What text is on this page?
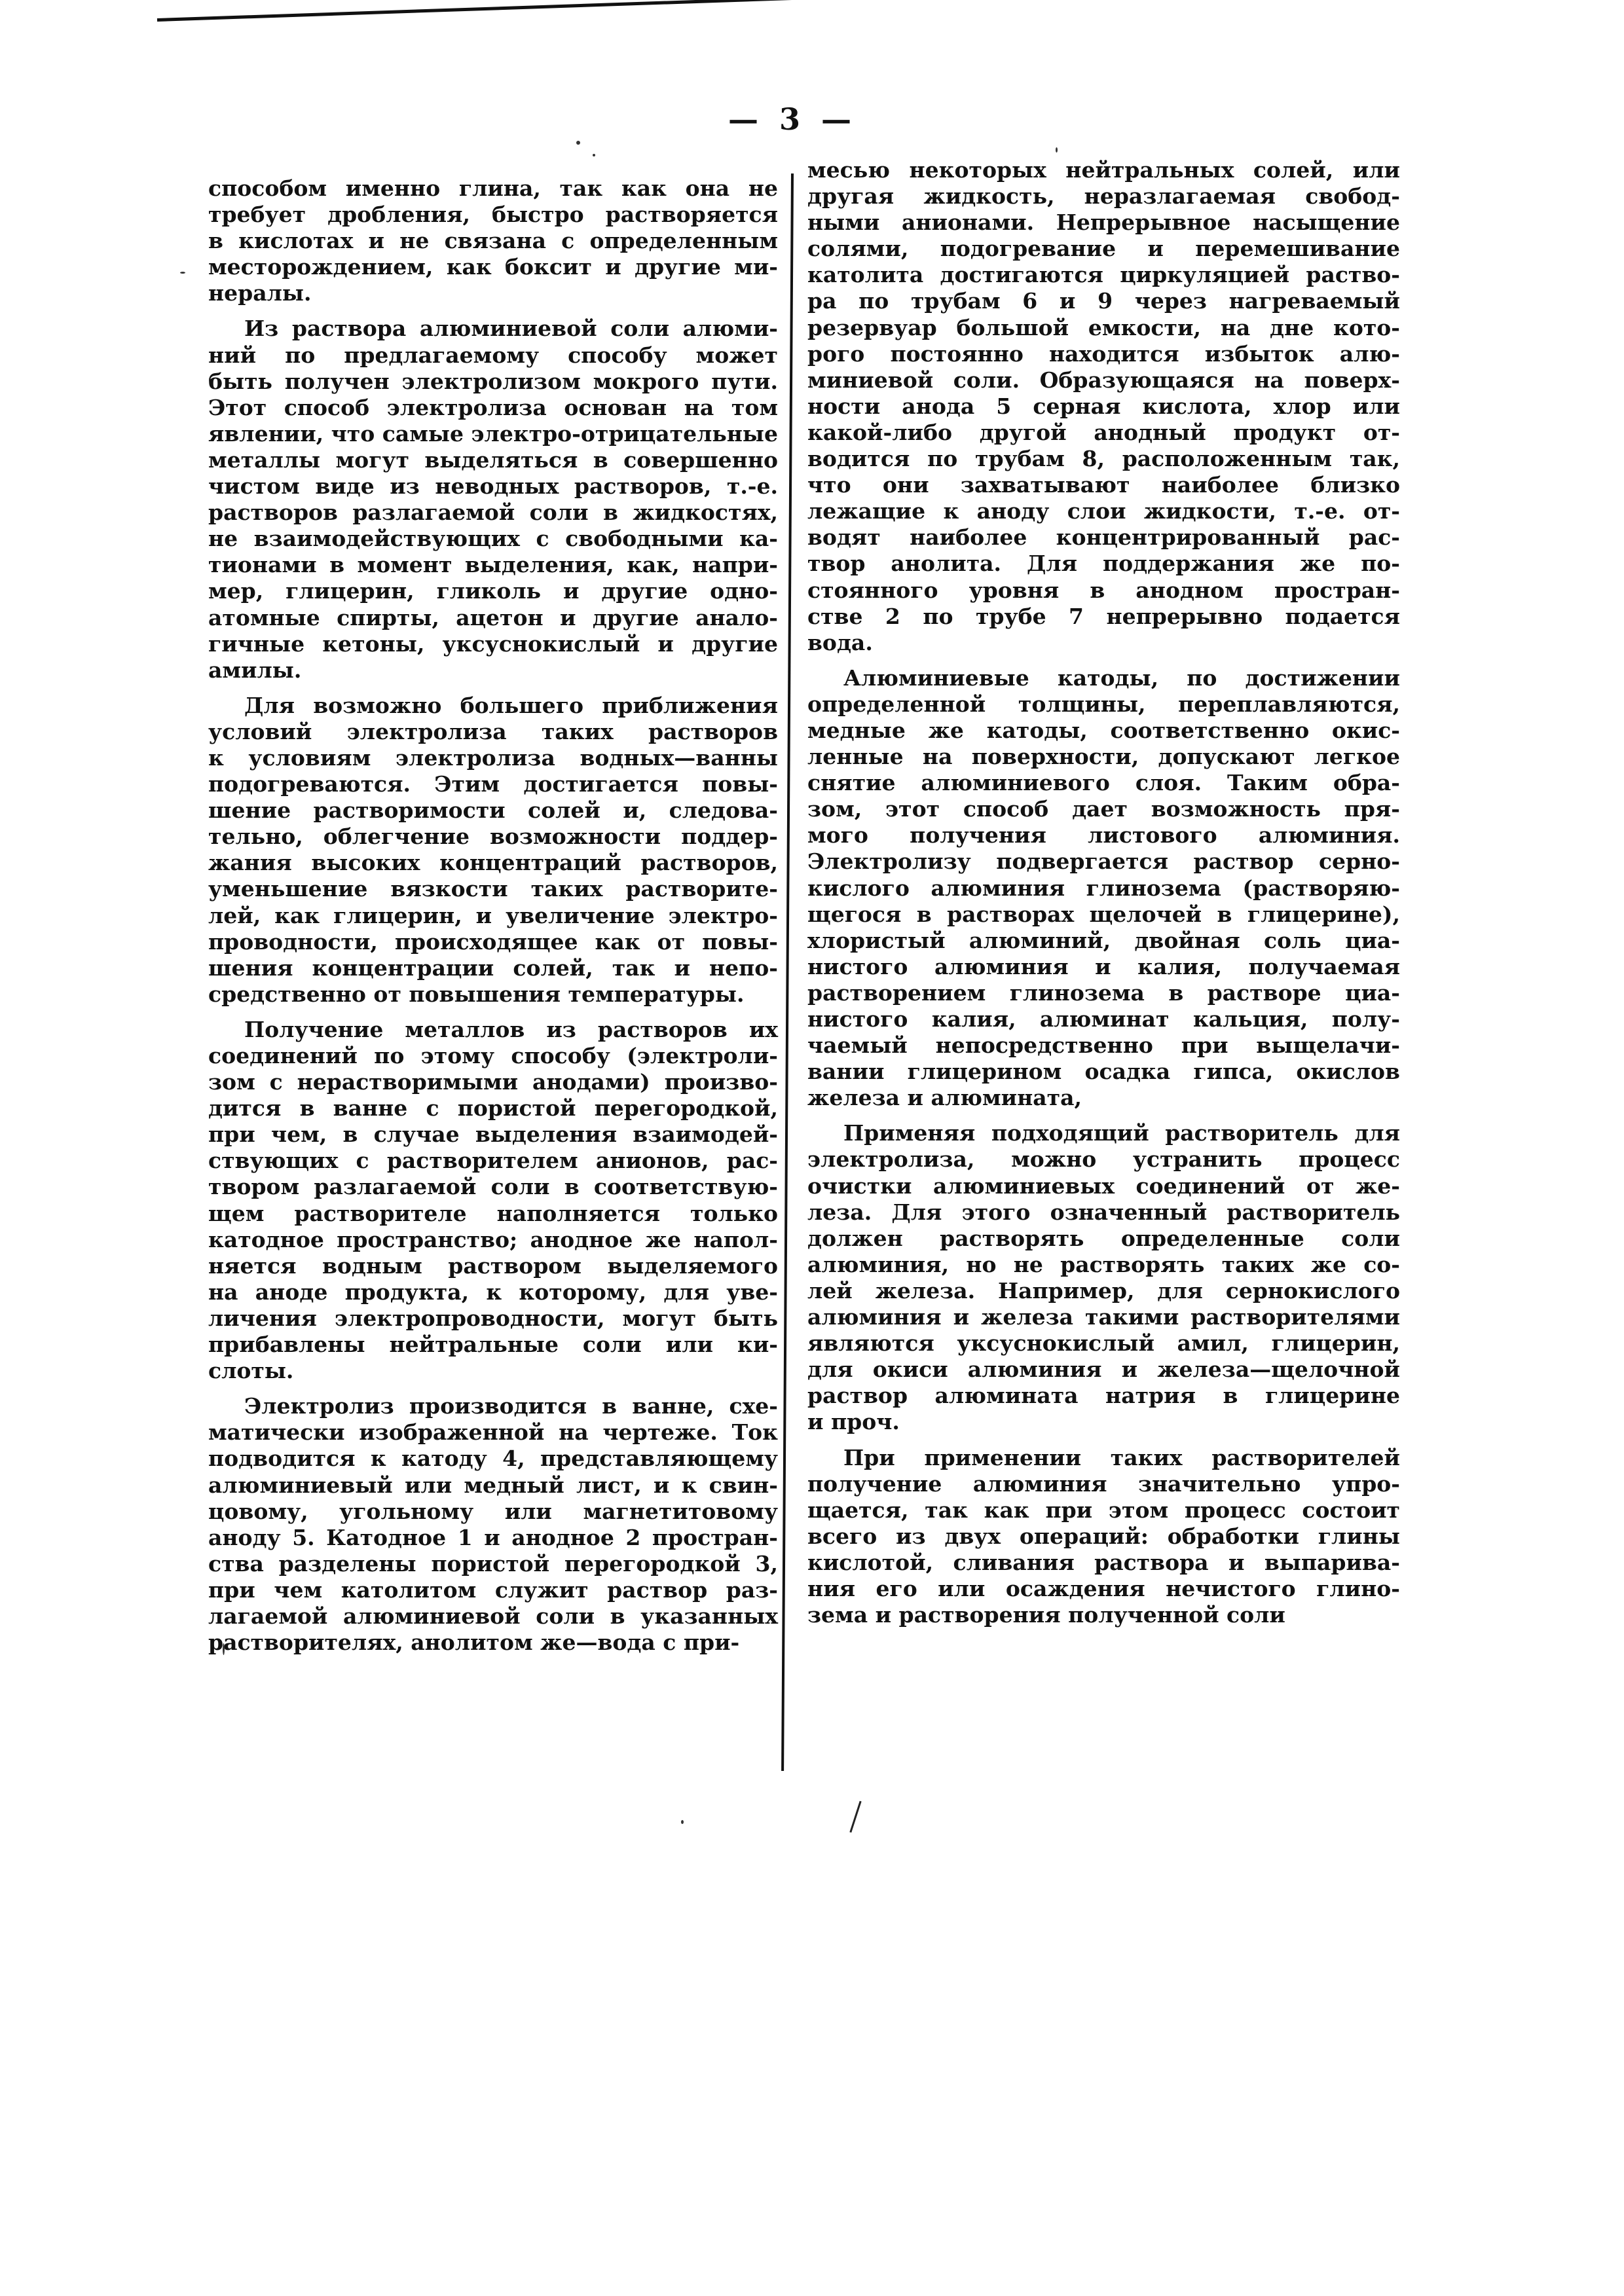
— 3 —
способом именно глина, так как она не
требует дробления, быстро растворяется
в кислотах и не связана с определенным
месторождением, как боксит и другие ми-
нералы.
Из раствора алюминиевой соли алюми-
ний по предлагаемому способу может
быть получен электролизом мокрого пути.
Этот способ электролиза основан на том
явлении, что самые электро-отрицательные
металлы могут выделяться в совершенно
чистом виде из неводных растворов, т.-е.
растворов разлагаемой соли в жидкостях,
не взаимодействующих с свободными ка-
тионами в момент выделения, как, напри-
мер, глицерин, гликоль и другие одно-
атомные спирты, ацетон и другие анало-
гичные кетоны, уксуснокислый и другие
амилы.
Для возможно большего приближения
условий электролиза таких растворов
к условиям электролиза водных—ванны
подогреваются. Этим достигается повы-
шение растворимости солей и, следова-
тельно, облегчение возможности поддер-
жания высоких концентраций растворов,
уменьшение вязкости таких растворите-
лей, как глицерин, и увеличение электро-
проводности, происходящее как от повы-
шения концентрации солей, так и непо-
средственно от повышения температуры.
Получение металлов из растворов их
соединений по этому способу (электроли-
зом с нерастворимыми анодами) произво-
дится в ванне с пористой перегородкой,
при чем, в случае выделения взаимодей-
ствующих с растворителем анионов, рас-
твором разлагаемой соли в соответствую-
щем растворителе наполняется только
катодное пространство; анодное же напол-
няется водным раствором выделяемого
на аноде продукта, к которому, для уве-
личения электропроводности, могут быть
прибавлены нейтральные соли или ки-
слоты.
Электролиз производится в ванне, схе-
матически изображенной на чертеже. Ток
подводится к катоду 4, представляющему
алюминиевый или медный лист, и к свин-
цовому, угольному или магнетитовому
аноду 5. Катодное 1 и анодное 2 простран-
ства разделены пористой перегородкой 3,
при чем католитом служит раствор раз-
лагаемой алюминиевой соли в указанных
растворителях, анолитом же—вода с при-
месью некоторых нейтральных солей, или
другая жидкость, неразлагаемая свобод-
ными анионами. Непрерывное насыщение
солями, подогревание и перемешивание
католита достигаются циркуляцией раство-
ра по трубам 6 и 9 через нагреваемый
резервуар большой емкости, на дне кото-
рого постоянно находится избыток алю-
миниевой соли. Образующаяся на поверх-
ности анода 5 серная кислота, хлор или
какой-либо другой анодный продукт от-
водится по трубам 8, расположенным так,
что они захватывают наиболее близко
лежащие к аноду слои жидкости, т.-е. от-
водят наиболее концентрированный рас-
твор анолита. Для поддержания же по-
стоянного уровня в анодном простран-
стве 2 по трубе 7 непрерывно подается
вода.
Алюминиевые катоды, по достижении
определенной толщины, переплавляются,
медные же катоды, соответственно окис-
ленные на поверхности, допускают легкое
снятие алюминиевого слоя. Таким обра-
зом, этот способ дает возможность пря-
мого получения листового алюминия.
Электролизу подвергается раствор серно-
кислого алюминия глинозема (растворяю-
щегося в растворах щелочей в глицерине),
хлористый алюминий, двойная соль циа-
нистого алюминия и калия, получаемая
растворением глинозема в растворе циа-
нистого калия, алюминат кальция, полу-
чаемый непосредственно при выщелачи-
вании глицерином осадка гипса, окислов
железа и алюмината,
Применяя подходящий растворитель для
электролиза, можно устранить процесс
очистки алюминиевых соединений от же-
леза. Для этого означенный растворитель
должен растворять определенные соли
алюминия, но не растворять таких же со-
лей железа. Например, для сернокислого
алюминия и железа такими растворителями
являются уксуснокислый амил, глицерин,
для окиси алюминия и железа—щелочной
раствор алюмината натрия в глицерине
и проч.
При применении таких растворителей
получение алюминия значительно упро-
щается, так как при этом процесс состоит
всего из двух операций: обработки глины
кислотой, сливания раствора и выпарива-
ния его или осаждения нечистого глино-
зема и растворения полученной соли
